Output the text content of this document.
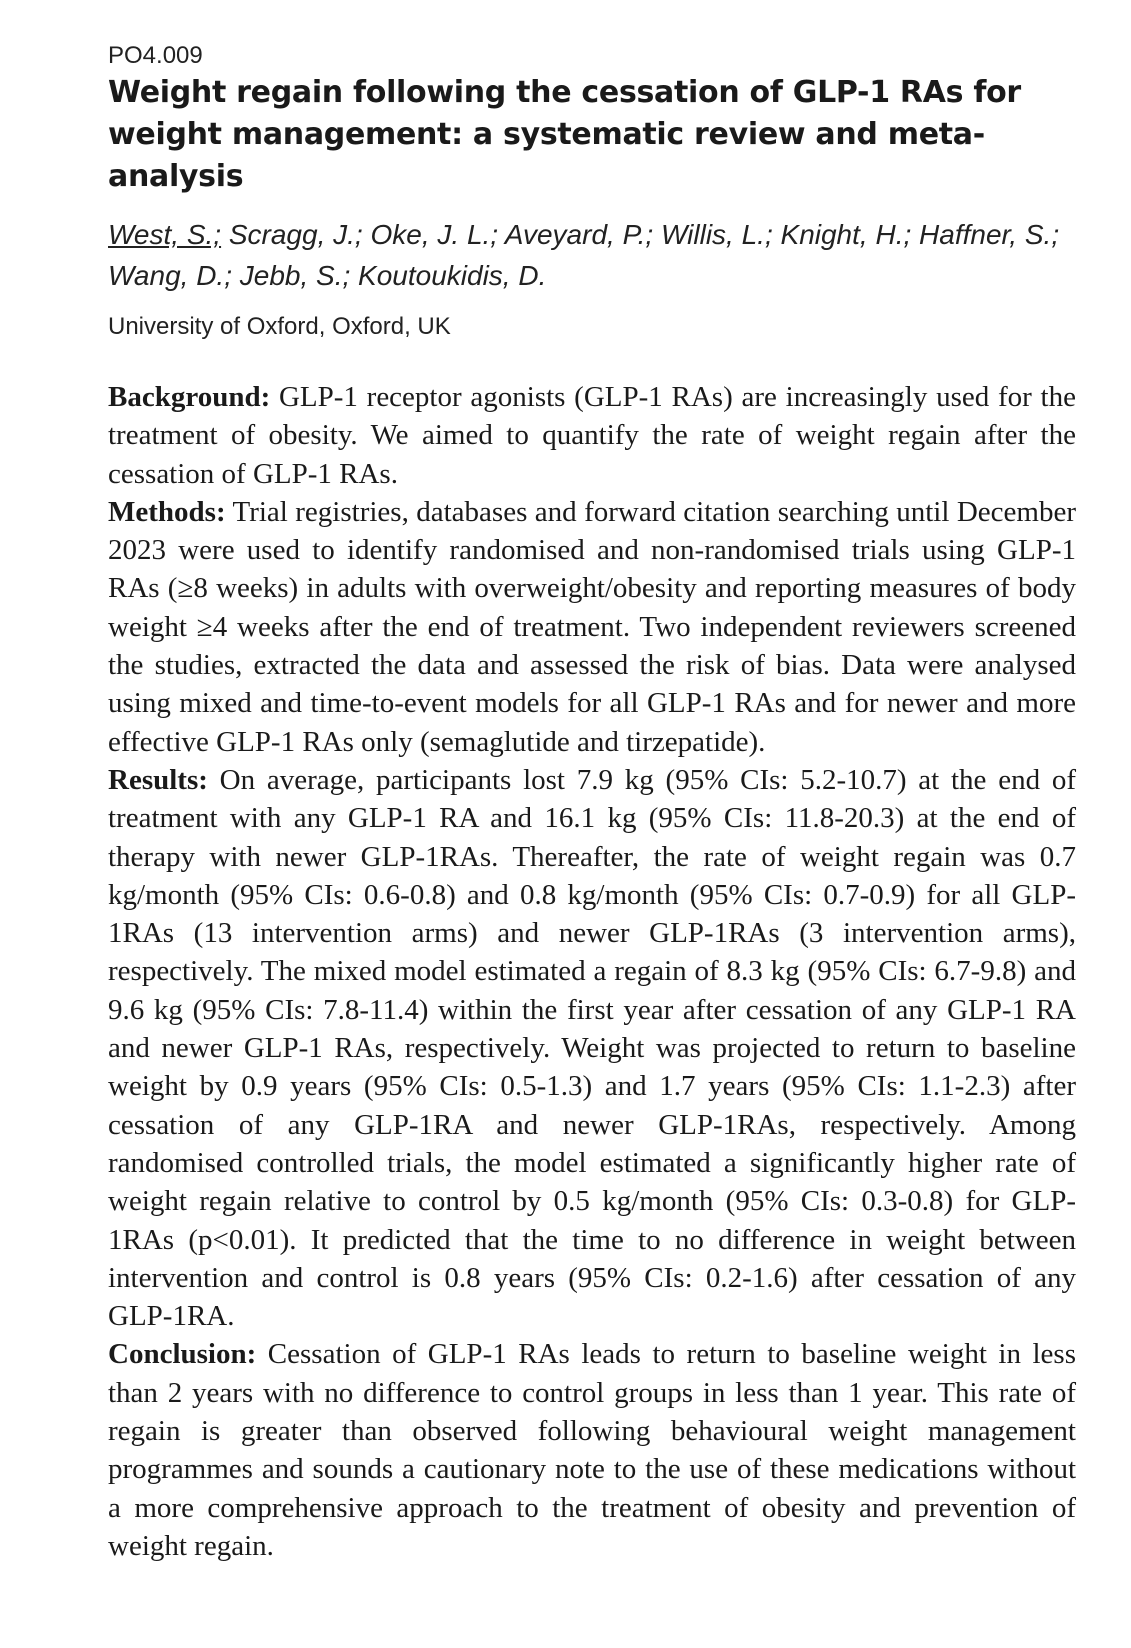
PO4.009

Weight regain following the cessation of GLP-1 RAs for weight management: a systematic review and meta-analysis

West, S.; Scragg, J.; Oke, J. L.; Aveyard, P.; Willis, L.; Knight, H.; Haffner, S.; Wang, D.; Jebb, S.; Koutoukidis, D.

University of Oxford, Oxford, UK

Background: GLP-1 receptor agonists (GLP-1 RAs) are increasingly used for the treatment of obesity. We aimed to quantify the rate of weight regain after the cessation of GLP-1 RAs.

Methods: Trial registries, databases and forward citation searching until December 2023 were used to identify randomised and non-randomised trials using GLP-1 RAs (≥8 weeks) in adults with overweight/obesity and reporting measures of body weight ≥4 weeks after the end of treatment. Two independent reviewers screened the studies, extracted the data and assessed the risk of bias. Data were analysed using mixed and time-to-event models for all GLP-1 RAs and for newer and more effective GLP-1 RAs only (semaglutide and tirzepatide).

Results: On average, participants lost 7.9 kg (95% CIs: 5.2-10.7) at the end of treatment with any GLP-1 RA and 16.1 kg (95% CIs: 11.8-20.3) at the end of therapy with newer GLP-1RAs. Thereafter, the rate of weight regain was 0.7 kg/month (95% CIs: 0.6-0.8) and 0.8 kg/month (95% CIs: 0.7-0.9) for all GLP-1RAs (13 intervention arms) and newer GLP-1RAs (3 intervention arms), respectively. The mixed model estimated a regain of 8.3 kg (95% CIs: 6.7-9.8) and 9.6 kg (95% CIs: 7.8-11.4) within the first year after cessation of any GLP-1 RA and newer GLP-1 RAs, respectively. Weight was projected to return to baseline weight by 0.9 years (95% CIs: 0.5-1.3) and 1.7 years (95% CIs: 1.1-2.3) after cessation of any GLP-1RA and newer GLP-1RAs, respectively. Among randomised controlled trials, the model estimated a significantly higher rate of weight regain relative to control by 0.5 kg/month (95% CIs: 0.3-0.8) for GLP-1RAs (p<0.01). It predicted that the time to no difference in weight between intervention and control is 0.8 years (95% CIs: 0.2-1.6) after cessation of any GLP-1RA.

Conclusion: Cessation of GLP-1 RAs leads to return to baseline weight in less than 2 years with no difference to control groups in less than 1 year. This rate of regain is greater than observed following behavioural weight management programmes and sounds a cautionary note to the use of these medications without a more comprehensive approach to the treatment of obesity and prevention of weight regain.
